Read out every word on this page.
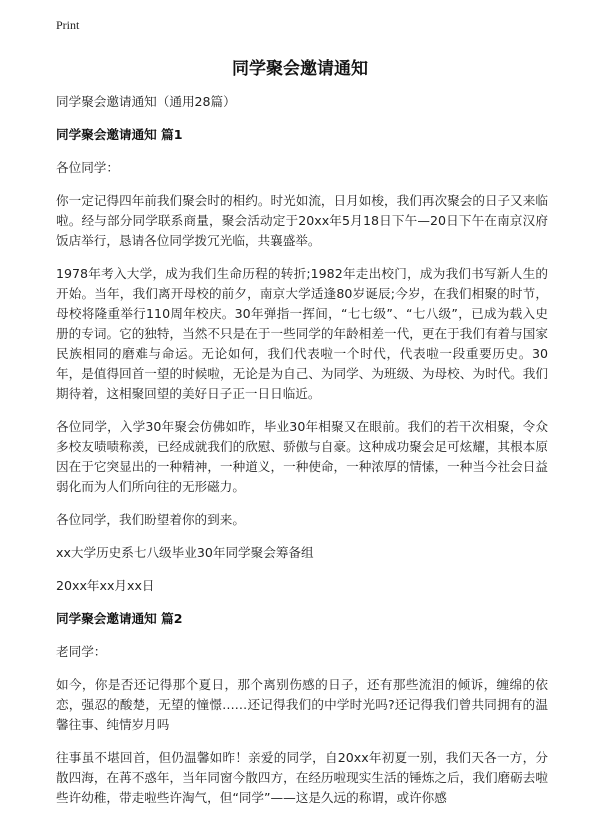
Print
同学聚会邀请通知

同学聚会邀请通知（通用28篇）

同学聚会邀请通知 篇1

各位同学：

你一定记得四年前我们聚会时的相约。时光如流，日月如梭，我们再次聚会的日子又来临啦。经与部分同学联系商量，聚会活动定于20xx年5月18日下午—20日下午在南京汉府饭店举行，恳请各位同学拨冗光临，共襄盛举。

1978年考入大学，成为我们生命历程的转折;1982年走出校门，成为我们书写新人生的开始。当年，我们离开母校的前夕，南京大学适逢80岁诞辰;今岁，在我们相聚的时节，母校将隆重举行110周年校庆。30年弹指一挥间，“七七级”、“七八级”，已成为载入史册的专词。它的独特，当然不只是在于一些同学的年龄相差一代，更在于我们有着与国家民族相同的磨难与命运。无论如何，我们代表啦一个时代，代表啦一段重要历史。30年，是值得回首一望的时候啦，无论是为自己、为同学、为班级、为母校、为时代。我们期待着，这相聚回望的美好日子正一日日临近。

各位同学，入学30年聚会仿佛如昨，毕业30年相聚又在眼前。我们的若干次相聚，令众多校友啧啧称羡，已经成就我们的欣慰、骄傲与自豪。这种成功聚会足可炫耀，其根本原因在于它突显出的一种精神，一种道义，一种使命，一种浓厚的情愫，一种当今社会日益弱化而为人们所向往的无形磁力。

各位同学，我们盼望着你的到来。

xx大学历史系七八级毕业30年同学聚会筹备组

20xx年xx月xx日

同学聚会邀请通知 篇2

老同学：

如今，你是否还记得那个夏日，那个离别伤感的日子，还有那些流泪的倾诉，缠绵的依恋，强忍的酸楚，无望的憧憬……还记得我们的中学时光吗?还记得我们曾共同拥有的温馨往事、纯情岁月吗

往事虽不堪回首，但仍温馨如昨！亲爱的同学，自20xx年初夏一别，我们天各一方，分散四海，在苒不惑年，当年同窗今散四方，在经历啦现实生活的锤炼之后，我们磨砺去啦些许幼稚，带走啦些许淘气，但“同学”——这是久远的称谓，或许你感
